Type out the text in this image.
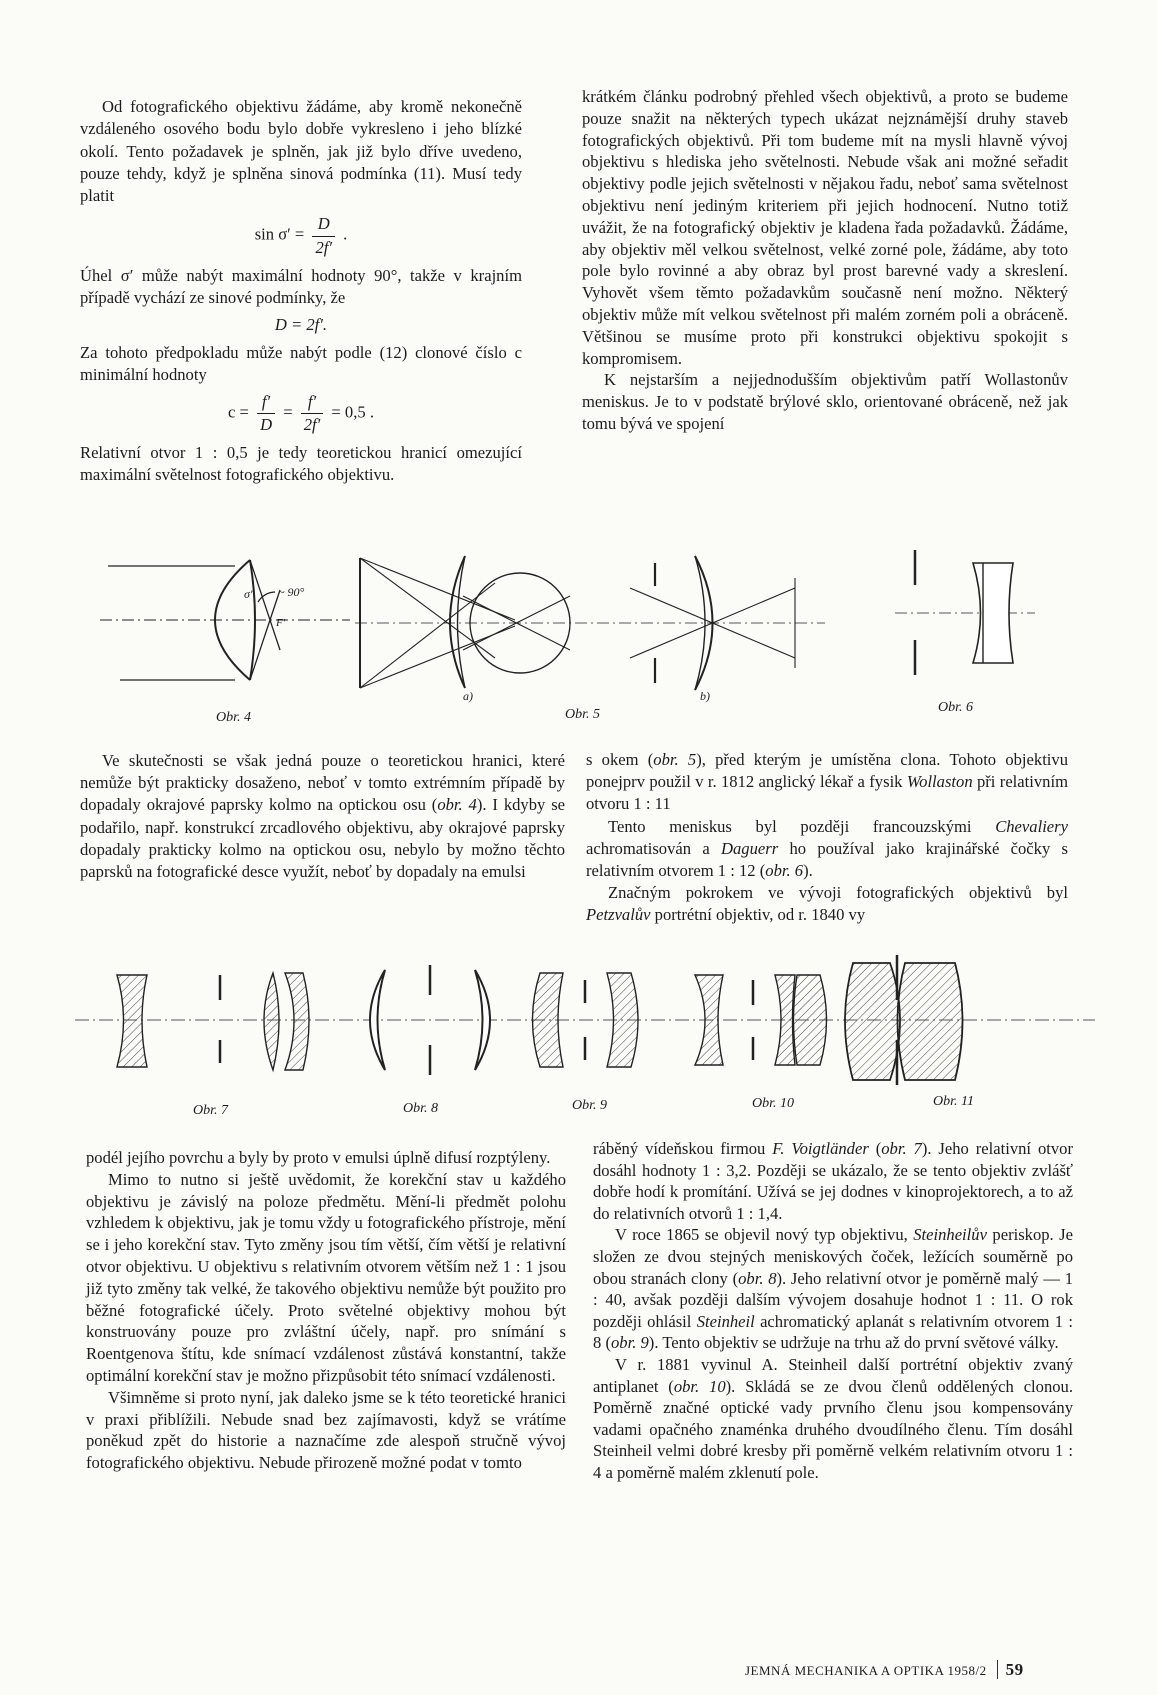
Od fotografického objektivu žádáme, aby kromě nekonečně vzdáleného osového bodu bylo dobře vykresleno i jeho blízké okolí. Tento požadavek je splněn, jak již bylo dříve uvedeno, pouze tehdy, když je splněna sinová podmínka (11). Musí tedy platit

$\sin \sigma' = \frac{D}{2f'}$ .

Úhel σ′ může nabýt maximální hodnoty 90°, takže v krajním případě vychází ze sinové podmínky, že

D = 2f′.

Za tohoto předpokladu může nabýt podle (12) clonové číslo c minimální hodnoty

$c = \frac{f'}{D} = \frac{f'}{2f'} = 0,5$ .

Relativní otvor 1 : 0,5 je tedy teoretickou hranicí omezující maximální světelnost fotografického objektivu.

krátkém článku podrobný přehled všech objektivů, a proto se budeme pouze snažit na některých typech ukázat nejznámější druhy staveb fotografických objektivů. Při tom budeme mít na mysli hlavně vývoj objektivu s hlediska jeho světelnosti. Nebude však ani možné seřadit objektivy podle jejich světelnosti v nějakou řadu, neboť sama světelnost objektivu není jediným kriteriem při jejich hodnocení. Nutno totiž uvážit, že na fotografický objektiv je kladena řada požadavků. Žádáme, aby objektiv měl velkou světelnost, velké zorné pole, žádáme, aby toto pole bylo rovinné a aby obraz byl prost barevné vady a skreslení. Vyhovět všem těmto požadavkům současně není možno. Některý objektiv může mít velkou světelnost při malém zorném poli a obráceně. Většinou se musíme proto při konstrukci objektivu spokojit s kompromisem.

K nejstarším a nejjednodušším objektivům patří Wollastonův meniskus. Je to v podstatě brýlové sklo, orientované obráceně, než jak tomu bývá ve spojení

σ′ ~ 90°
F′
Obr. 4
a)	b)
Obr. 5	Obr. 6

Ve skutečnosti se však jedná pouze o teoretickou hranici, které nemůže být prakticky dosaženo, neboť v tomto extrémním případě by dopadaly okrajové paprsky kolmo na optickou osu (obr. 4). I kdyby se podařilo, např. konstrukcí zrcadlového objektivu, aby okrajové paprsky dopadaly prakticky kolmo na optickou osu, nebylo by možno těchto paprsků na fotografické desce využít, neboť by dopadaly na emulsi

s okem (obr. 5), před kterým je umístěna clona. Tohoto objektivu ponejprv použil v r. 1812 anglický lékař a fysik Wollaston při relativním otvoru 1 : 11

Tento meniskus byl později francouzskými Chevaliery achromatisován a Daguerr ho používal jako krajinářské čočky s relativním otvorem 1 : 12 (obr. 6).

Značným pokrokem ve vývoji fotografických objektivů byl Petzvalův portrétní objektiv, od r. 1840 vy

Obr. 7	Obr. 8	Obr. 9	Obr. 10	Obr. 11

podél jejího povrchu a byly by proto v emulsi úplně difusí rozptýleny.

Mimo to nutno si ještě uvědomit, že korekční stav u každého objektivu je závislý na poloze předmětu. Mění-li předmět polohu vzhledem k objektivu, jak je tomu vždy u fotografického přístroje, mění se i jeho korekční stav. Tyto změny jsou tím větší, čím větší je relativní otvor objektivu. U objektivu s relativním otvorem větším než 1 : 1 jsou již tyto změny tak velké, že takového objektivu nemůže být použito pro běžné fotografické účely. Proto světelné objektivy mohou být konstruovány pouze pro zvláštní účely, např. pro snímání s Roentgenova štítu, kde snímací vzdálenost zůstává konstantní, takže optimální korekční stav je možno přizpůsobit této snímací vzdálenosti.

Všimněme si proto nyní, jak daleko jsme se k této teoretické hranici v praxi přiblížili. Nebude snad bez zajímavosti, když se vrátíme poněkud zpět do historie a naznačíme zde alespoň stručně vývoj fotografického objektivu. Nebude přirozeně možné podat v tomto

ráběný vídeňskou firmou F. Voigtländer (obr. 7). Jeho relativní otvor dosáhl hodnoty 1 : 3,2. Později se ukázalo, že se tento objektiv zvlášť dobře hodí k promítání. Užívá se jej dodnes v kinoprojektorech, a to až do relativních otvorů 1 : 1,4.

V roce 1865 se objevil nový typ objektivu, Steinheilův periskop. Je složen ze dvou stejných meniskových čoček, ležících souměrně po obou stranách clony (obr. 8). Jeho relativní otvor je poměrně malý — 1 : 40, avšak později dalším vývojem dosahuje hodnot 1 : 11. O rok později ohlásil Steinheil achromatický aplanát s relativním otvorem 1 : 8 (obr. 9). Tento objektiv se udržuje na trhu až do první světové války.

V r. 1881 vyvinul A. Steinheil další portrétní objektiv zvaný antiplanet (obr. 10). Skládá se ze dvou členů oddělených clonou. Poměrně značné optické vady prvního členu jsou kompensovány vadami opačného znaménka druhého dvoudílného členu. Tím dosáhl Steinheil velmi dobré kresby při poměrně velkém relativním otvoru 1 : 4 a poměrně malém zklenutí pole.

JEMNÁ MECHANIKA A OPTIKA 1958/2 59
